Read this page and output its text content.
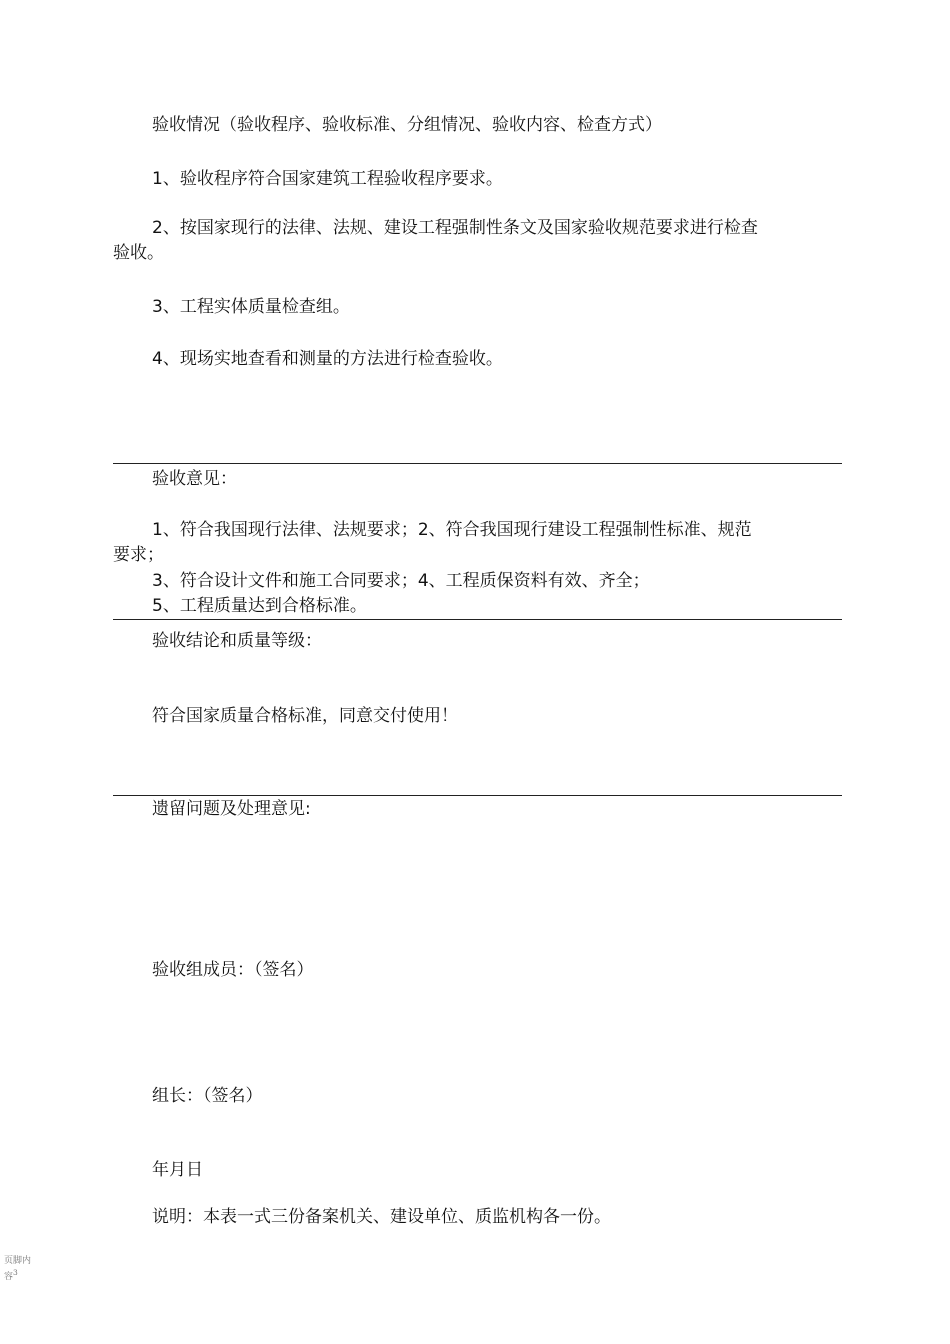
验收情况（验收程序、验收标准、分组情况、验收内容、检查方式）

1、验收程序符合国家建筑工程验收程序要求。

2、按国家现行的法律、法规、建设工程强制性条文及国家验收规范要求进行检查

验收。

3、工程实体质量检查组。

4、现场实地查看和测量的方法进行检查验收。

验收意见：

1、符合我国现行法律、法规要求；2、符合我国现行建设工程强制性标准、规范

要求；

3、符合设计文件和施工合同要求；4、工程质保资料有效、齐全；

5、工程质量达到合格标准。

验收结论和质量等级：

符合国家质量合格标准，同意交付使用！

遗留问题及处理意见:

验收组成员：（签名）

组长：（签名）

年月日

说明：本表一式三份备案机关、建设单位、质监机构各一份。

页脚内容$^3$
